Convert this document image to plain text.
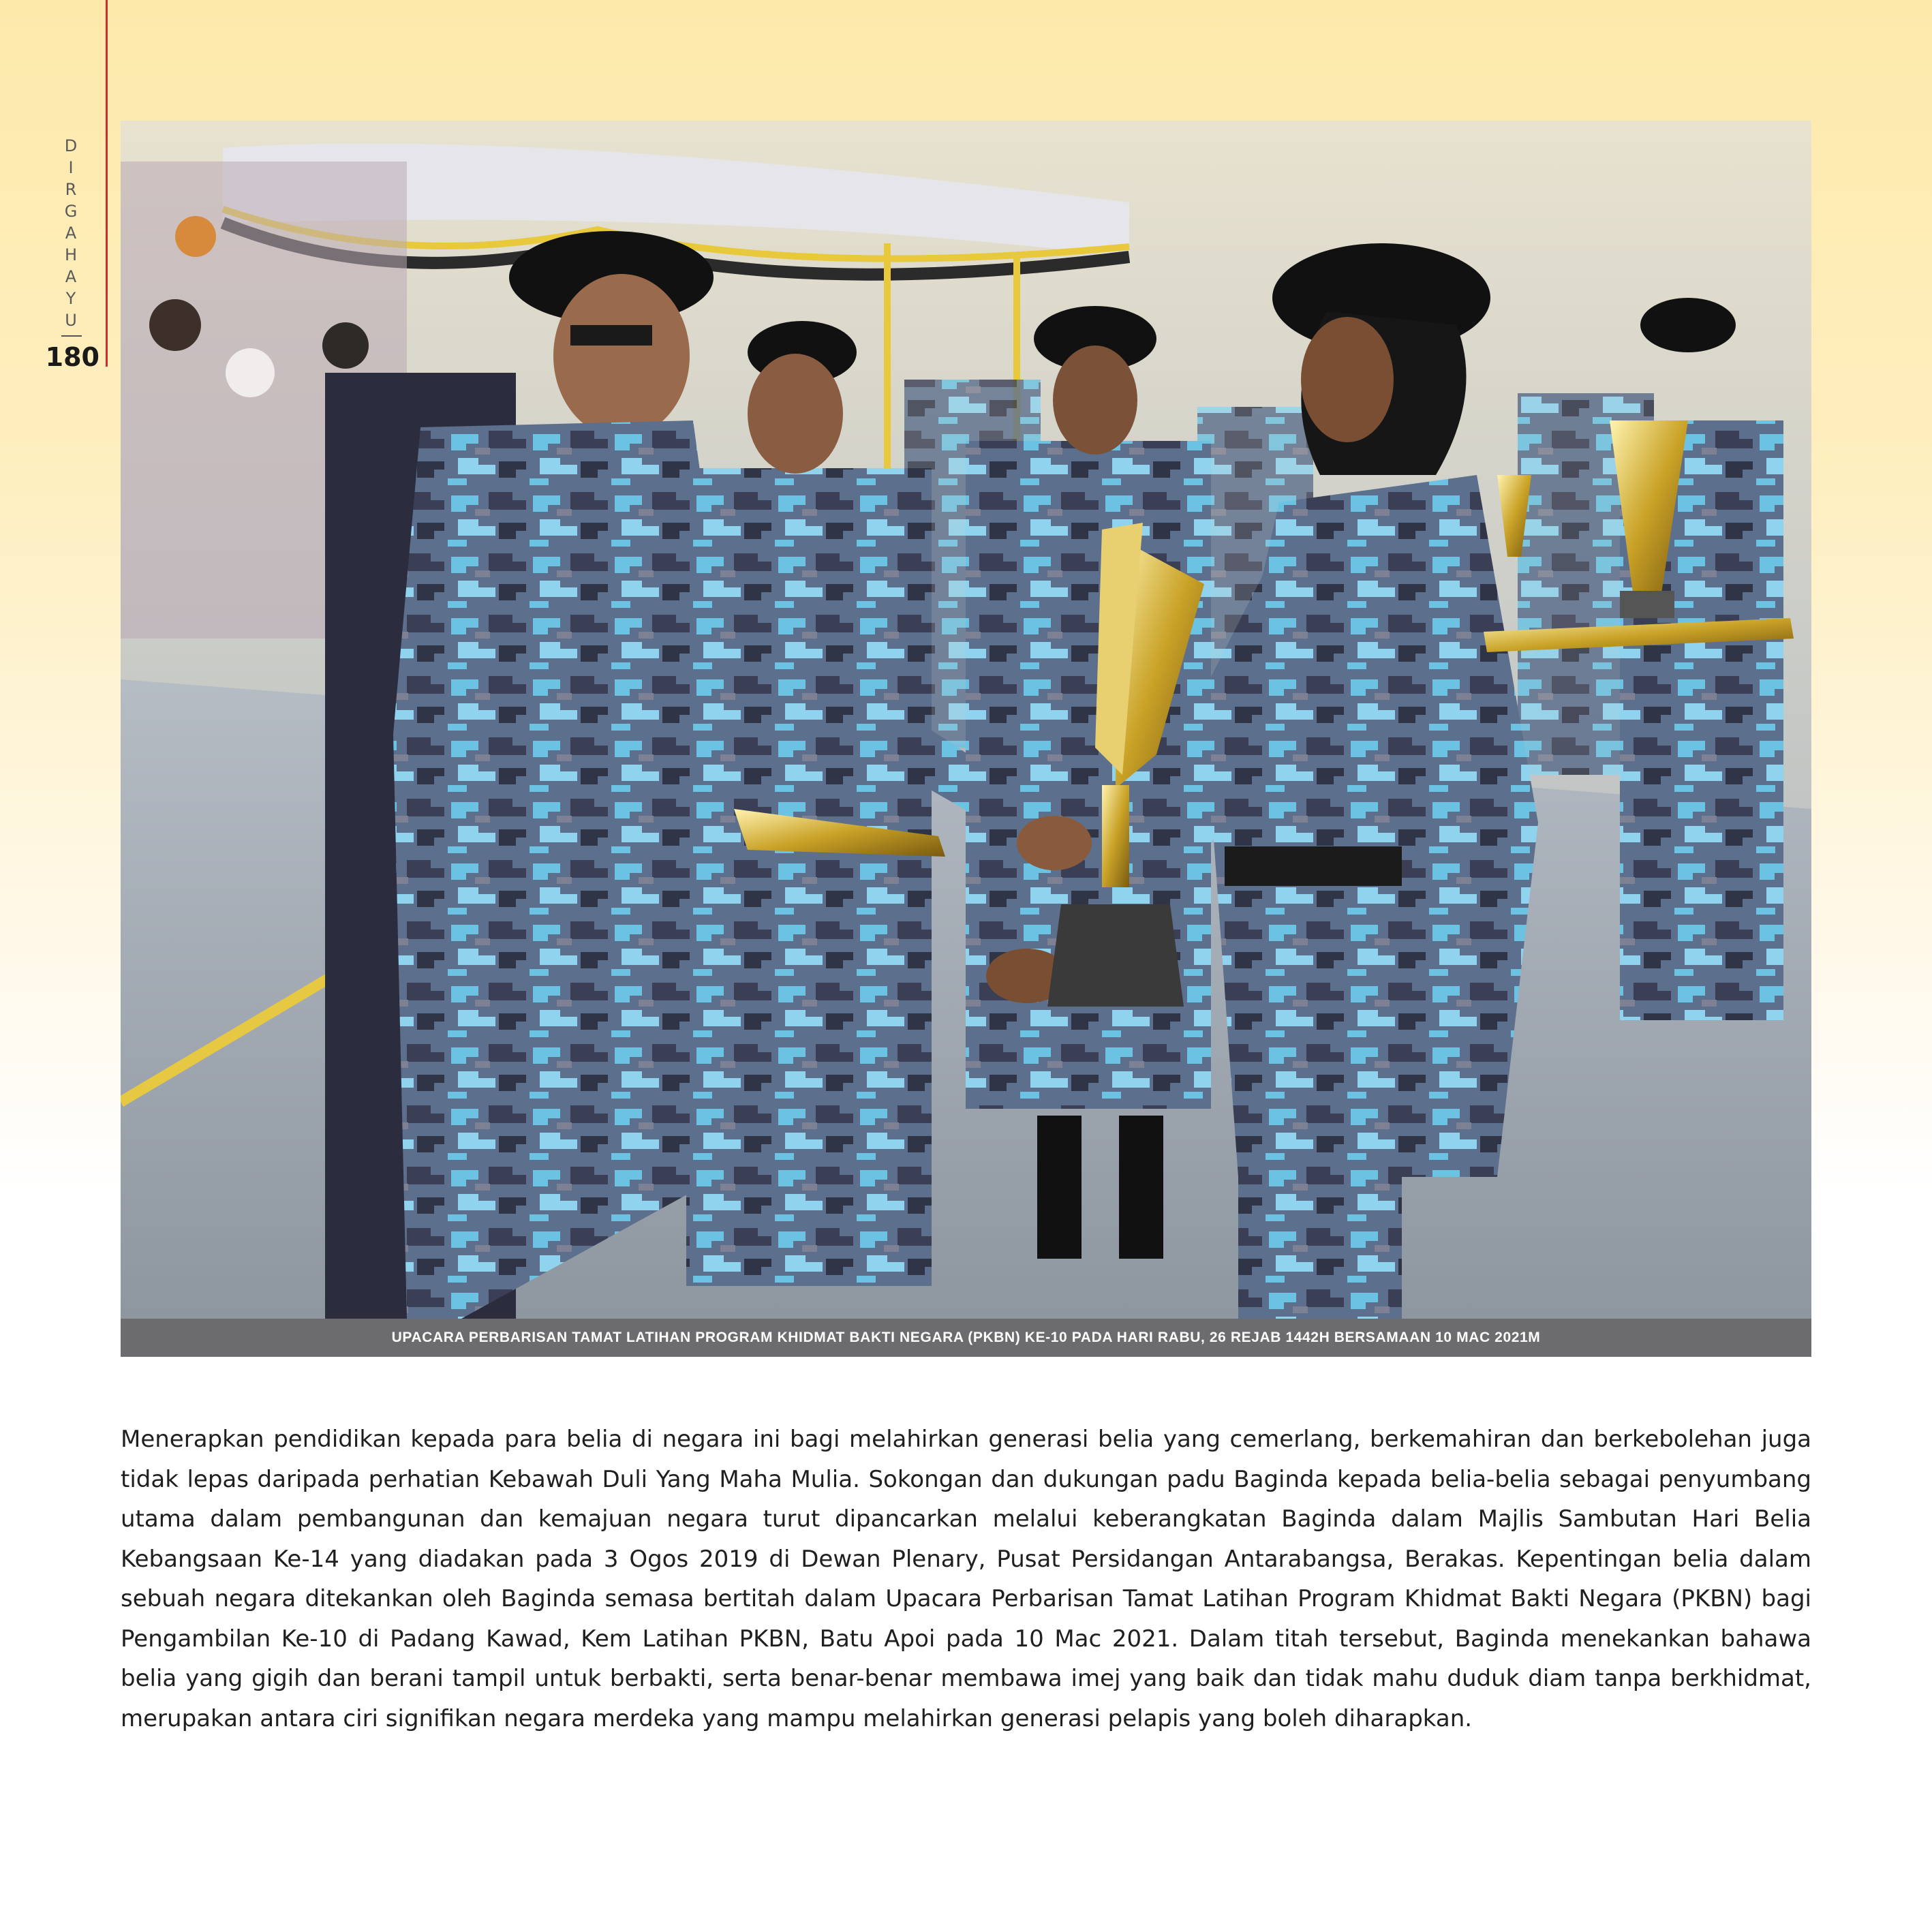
D
I
R
G
A
H
A
Y
U
180
UPACARA PERBARISAN TAMAT LATIHAN PROGRAM KHIDMAT BAKTI NEGARA (PKBN) KE-10 PADA HARI RABU, 26 REJAB 1442H BERSAMAAN 10 MAC 2021M

Menerapkan pendidikan kepada para belia di negara ini bagi melahirkan generasi belia yang cemerlang, berkemahiran dan berkebolehan juga tidak lepas daripada perhatian Kebawah Duli Yang Maha Mulia. Sokongan dan dukungan padu Baginda kepada belia-belia sebagai penyumbang utama dalam pembangunan dan kemajuan negara turut dipancarkan melalui keberangkatan Baginda dalam Majlis Sambutan Hari Belia Kebangsaan Ke-14 yang diadakan pada 3 Ogos 2019 di Dewan Plenary, Pusat Persidangan Antarabangsa, Berakas. Kepentingan belia dalam sebuah negara ditekankan oleh Baginda semasa bertitah dalam Upacara Perbarisan Tamat Latihan Program Khidmat Bakti Negara (PKBN) bagi Pengambilan Ke-10 di Padang Kawad, Kem Latihan PKBN, Batu Apoi pada 10 Mac 2021. Dalam titah tersebut, Baginda menekankan bahawa belia yang gigih dan berani tampil untuk berbakti, serta benar-benar membawa imej yang baik dan tidak mahu duduk diam tanpa berkhidmat, merupakan antara ciri signifikan negara merdeka yang mampu melahirkan generasi pelapis yang boleh diharapkan.
